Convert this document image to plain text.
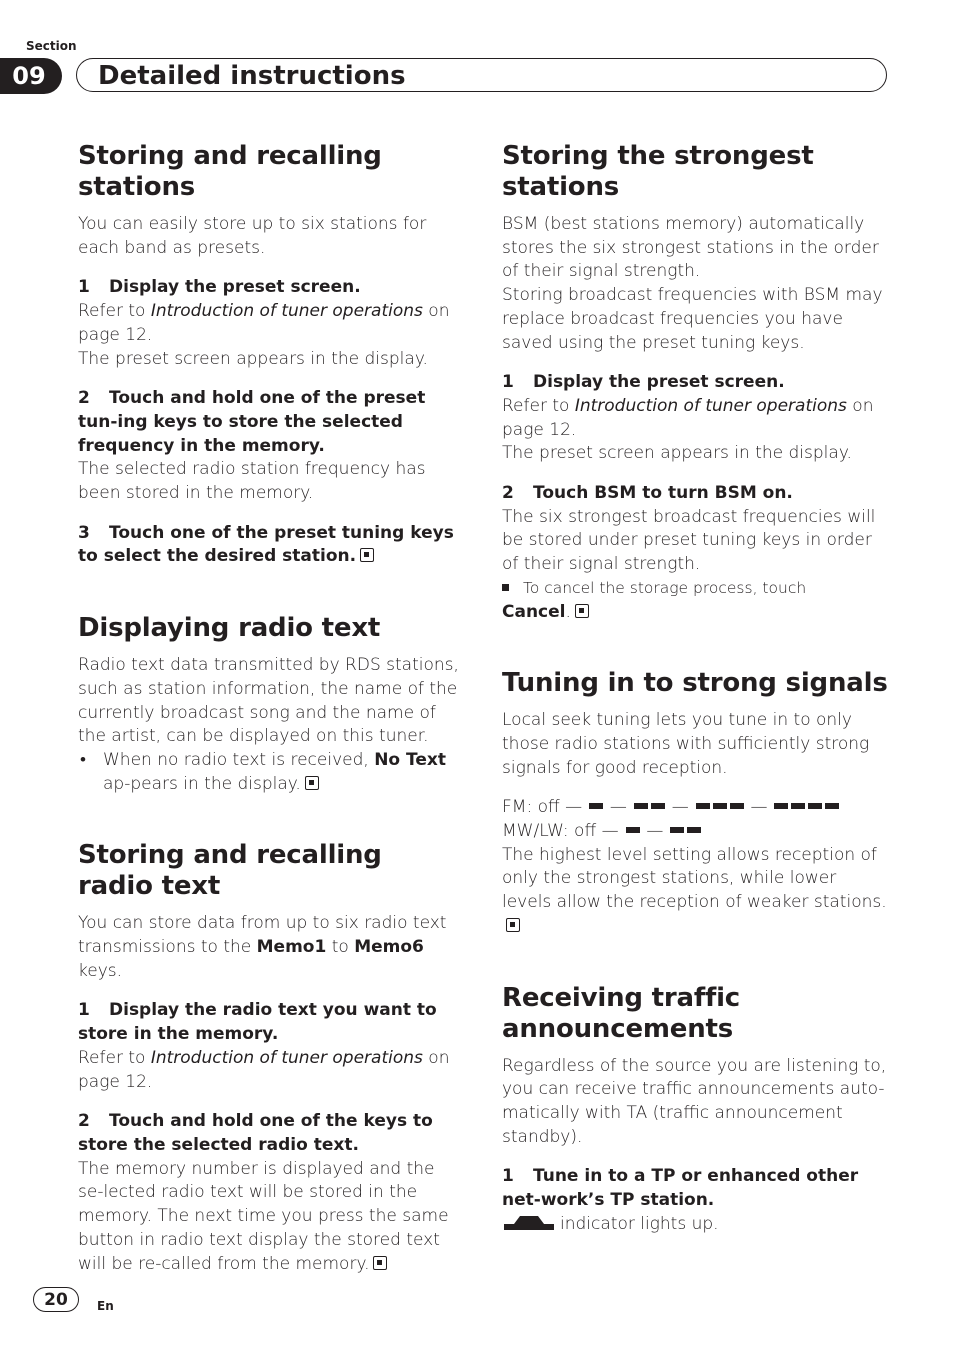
Section
09	Detailed instructions
Storing and recalling stations

You can easily store up to six stations for each band as presets.

1 Display the preset screen.

Refer to Introduction of tuner operations on page 12.

The preset screen appears in the display.

2 Touch and hold one of the preset tun-ing keys to store the selected frequency in the memory.

The selected radio station frequency has been stored in the memory.

3 Touch one of the preset tuning keys to select the desired station.

Displaying radio text

Radio text data transmitted by RDS stations, such as station information, the name of the currently broadcast song and the name of the artist, can be displayed on this tuner.

• When no radio text is received, No Text ap-pears in the display.

Storing and recalling radio text

You can store data from up to six radio text transmissions to the Memo1 to Memo6 keys.

1 Display the radio text you want to store in the memory.

Refer to Introduction of tuner operations on page 12.

2 Touch and hold one of the keys to store the selected radio text.

The memory number is displayed and the se-lected radio text will be stored in the memory. The next time you press the same button in radio text display the stored text will be re-called from the memory.

Storing the strongest stations

BSM (best stations memory) automatically stores the six strongest stations in the order of their signal strength.

Storing broadcast frequencies with BSM may replace broadcast frequencies you have saved using the preset tuning keys.

1 Display the preset screen.

Refer to Introduction of tuner operations on page 12.

The preset screen appears in the display.

2 Touch BSM to turn BSM on.

The six strongest broadcast frequencies will be stored under preset tuning keys in order of their signal strength.

To cancel the storage process, touch

Cancel.

Tuning in to strong signals

Local seek tuning lets you tune in to only those radio stations with sufficiently strong signals for good reception.

FM: off —  —  —	—

MW/LW: off —  —

The highest level setting allows reception of only the strongest stations, while lower levels allow the reception of weaker stations.

Receiving traffic announcements

Regardless of the source you are listening to, you can receive traffic announcements auto-matically with TA (traffic announcement standby).

1 Tune in to a TP or enhanced other net-work’s TP station.

indicator lights up.

20	En
